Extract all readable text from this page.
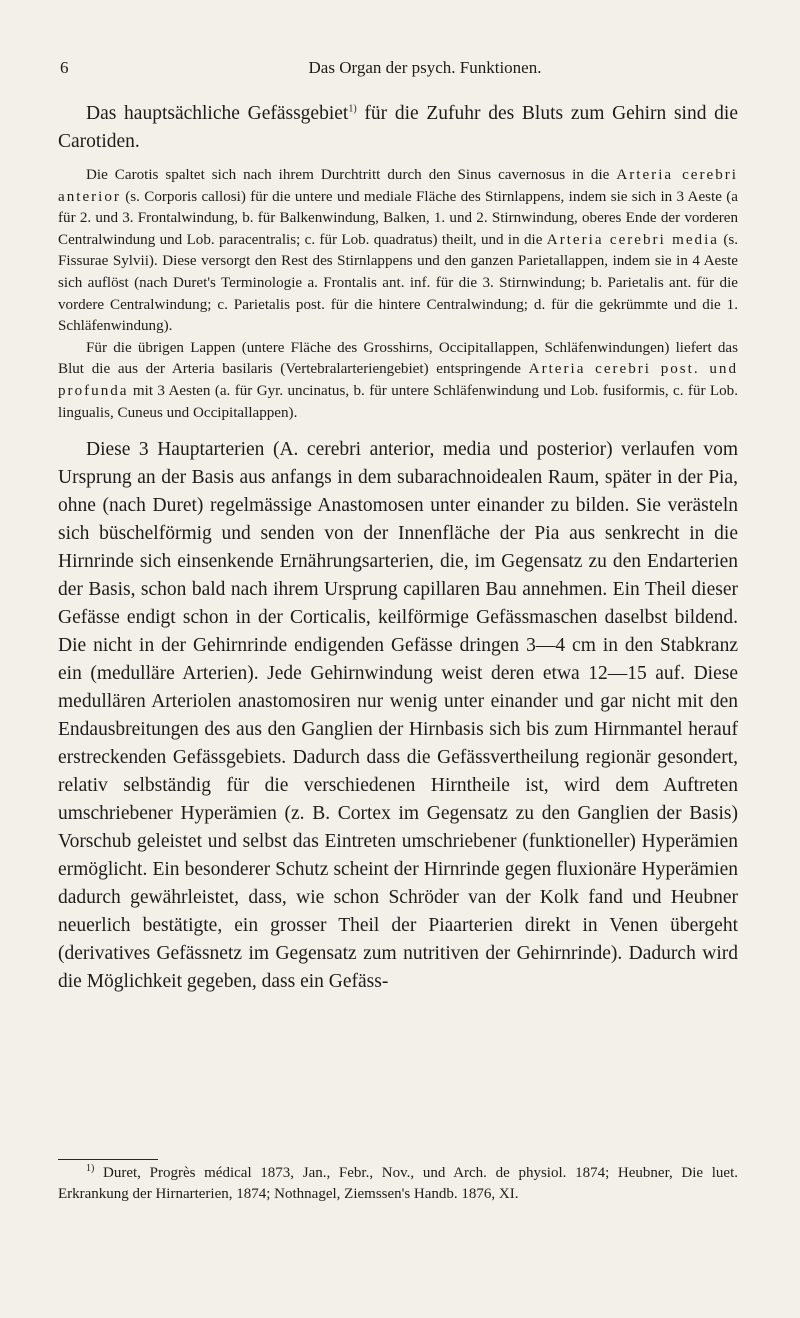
6	Das Organ der psych. Funktionen.

Das hauptsächliche Gefässgebiet$^{1)}$ für die Zufuhr des Bluts zum Gehirn sind die Carotiden.

Die Carotis spaltet sich nach ihrem Durchtritt durch den Sinus cavernosus in die Arteria cerebri anterior (s. Corporis callosi) für die untere und mediale Fläche des Stirnlappens, indem sie sich in 3 Aeste (a für 2. und 3. Frontalwindung, b. für Balkenwindung, Balken, 1. und 2. Stirnwindung, oberes Ende der vorderen Centralwindung und Lob. paracentralis; c. für Lob. quadratus) theilt, und in die Arteria cerebri media (s. Fissurae Sylvii). Diese versorgt den Rest des Stirnlappens und den ganzen Parietallappen, indem sie in 4 Aeste sich auflöst (nach Duret's Terminologie a. Frontalis ant. inf. für die 3. Stirnwindung; b. Parietalis ant. für die vordere Centralwindung; c. Parietalis post. für die hintere Centralwindung; d. für die gekrümmte und die 1. Schläfenwindung).

Für die übrigen Lappen (untere Fläche des Grosshirns, Occipitallappen, Schläfenwindungen) liefert das Blut die aus der Arteria basilaris (Vertebralarteriengebiet) entspringende Arteria cerebri post. und profunda mit 3 Aesten (a. für Gyr. uncinatus, b. für untere Schläfenwindung und Lob. fusiformis, c. für Lob. lingualis, Cuneus und Occipitallappen).

Diese 3 Hauptarterien (A. cerebri anterior, media und posterior) verlaufen vom Ursprung an der Basis aus anfangs in dem subarachnoidealen Raum, später in der Pia, ohne (nach Duret) regelmässige Anastomosen unter einander zu bilden. Sie verästeln sich büschelförmig und senden von der Innenfläche der Pia aus senkrecht in die Hirnrinde sich einsenkende Ernährungsarterien, die, im Gegensatz zu den Endarterien der Basis, schon bald nach ihrem Ursprung capillaren Bau annehmen. Ein Theil dieser Gefässe endigt schon in der Corticalis, keilförmige Gefässmaschen daselbst bildend. Die nicht in der Gehirnrinde endigenden Gefässe dringen 3—4 cm in den Stabkranz ein (medulläre Arterien). Jede Gehirnwindung weist deren etwa 12—15 auf. Diese medullären Arteriolen anastomosiren nur wenig unter einander und gar nicht mit den Endausbreitungen des aus den Ganglien der Hirnbasis sich bis zum Hirnmantel herauf erstreckenden Gefässgebiets. Dadurch dass die Gefässvertheilung regionär gesondert, relativ selbständig für die verschiedenen Hirntheile ist, wird dem Auftreten umschriebener Hyperämien (z. B. Cortex im Gegensatz zu den Ganglien der Basis) Vorschub geleistet und selbst das Eintreten umschriebener (funktioneller) Hyperämien ermöglicht. Ein besonderer Schutz scheint der Hirnrinde gegen fluxionäre Hyperämien dadurch gewährleistet, dass, wie schon Schröder van der Kolk fand und Heubner neuerlich bestätigte, ein grosser Theil der Piaarterien direkt in Venen übergeht (derivatives Gefässnetz im Gegensatz zum nutritiven der Gehirnrinde). Dadurch wird die Möglichkeit gegeben, dass ein Gefäss-

$^{1)}$ Duret, Progrès médical 1873, Jan., Febr., Nov., und Arch. de physiol. 1874; Heubner, Die luet. Erkrankung der Hirnarterien, 1874; Nothnagel, Ziemssen's Handb. 1876, XI.
